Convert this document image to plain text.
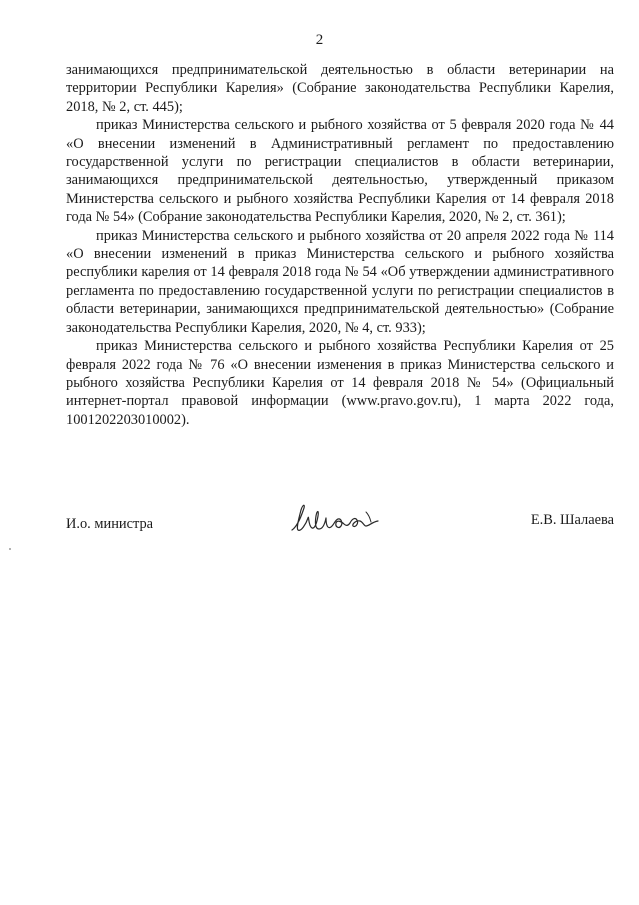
2

занимающихся предпринимательской деятельностью в области ветеринарии на территории Республики Карелия» (Собрание законодательства Республики Карелия, 2018, № 2, ст. 445);

приказ Министерства сельского и рыбного хозяйства от 5 февраля 2020 года № 44 «О внесении изменений в Административный регламент по предоставлению государственной услуги по регистрации специалистов в области ветеринарии, занимающихся предпринимательской деятельностью, утвержденный приказом Министерства сельского и рыбного хозяйства Республики Карелия от 14 февраля 2018 года № 54» (Собрание законодательства Республики Карелия, 2020, № 2, ст. 361);

приказ Министерства сельского и рыбного хозяйства от 20 апреля 2022 года № 114 «О внесении изменений в приказ Министерства сельского и рыбного хозяйства республики карелия от 14 февраля 2018 года № 54 «Об утверждении административного регламента по предоставлению государственной услуги по регистрации специалистов в области ветеринарии, занимающихся предпринимательской деятельностью» (Собрание законодательства Республики Карелия, 2020, № 4, ст. 933);

приказ Министерства сельского и рыбного хозяйства Республики Карелия от 25 февраля 2022 года № 76 «О внесении изменения в приказ Министерства сельского и рыбного хозяйства Республики Карелия от 14 февраля 2018 № 54» (Официальный интернет-портал правовой информации (www.pravo.gov.ru), 1 марта 2022 года, 1001202203010002).

И.о. министра	Е.В. Шалаева
